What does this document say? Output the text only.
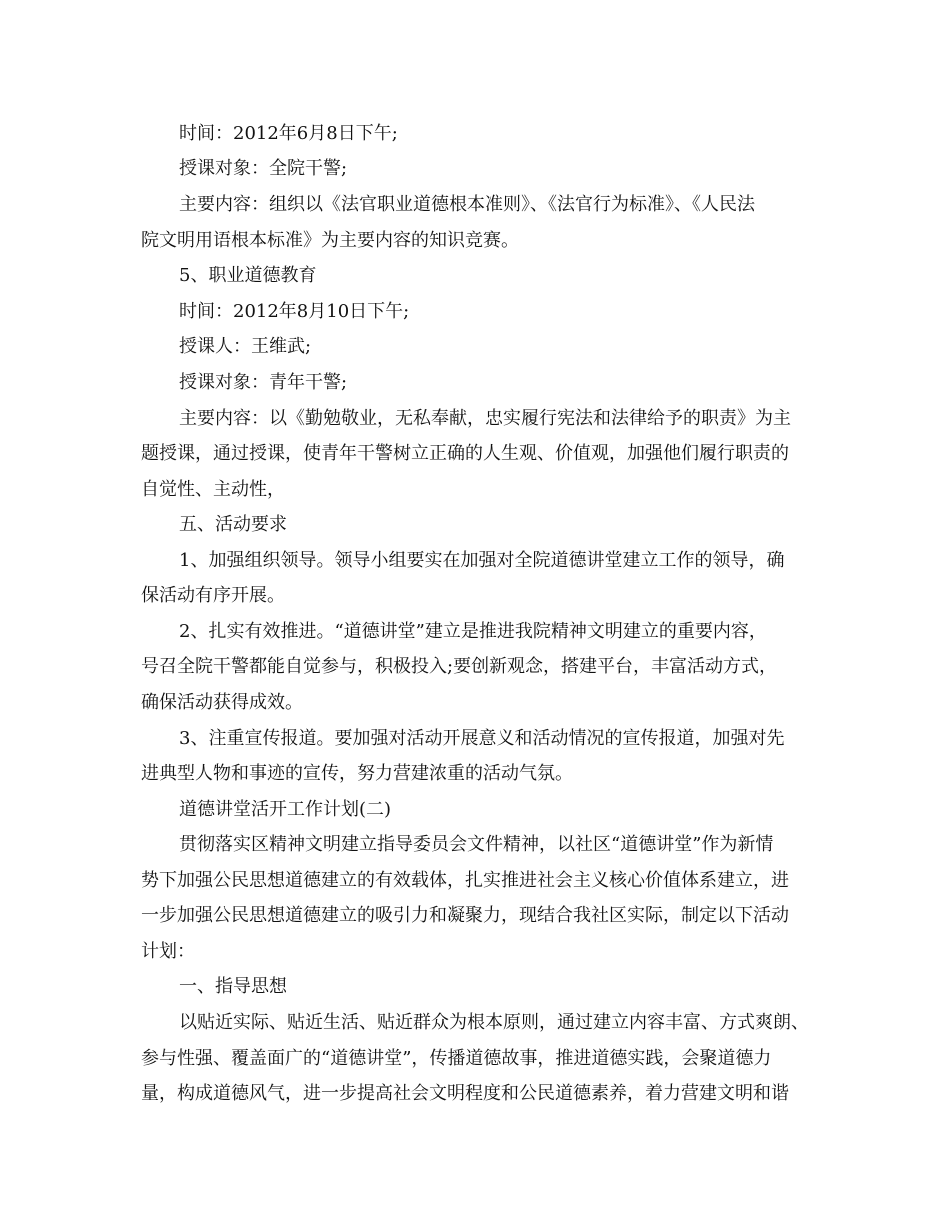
时间：2012年6月8日下午;
授课对象：全院干警;
主要内容：组织以《法官职业道德根本准则》、《法官行为标准》、《人民法
院文明用语根本标准》为主要内容的知识竞赛。
5、职业道德教育
时间：2012年8月10日下午;
授课人：王维武;
授课对象：青年干警;
主要内容：以《勤勉敬业，无私奉献，忠实履行宪法和法律给予的职责》为主
题授课，通过授课，使青年干警树立正确的人生观、价值观，加强他们履行职责的
自觉性、主动性，
五、活动要求
1、加强组织领导。领导小组要实在加强对全院道德讲堂建立工作的领导，确
保活动有序开展。
2、扎实有效推进。“道德讲堂”建立是推进我院精神文明建立的重要内容，
号召全院干警都能自觉参与，积极投入;要创新观念，搭建平台，丰富活动方式，
确保活动获得成效。
3、注重宣传报道。要加强对活动开展意义和活动情况的宣传报道，加强对先
进典型人物和事迹的宣传，努力营建浓重的活动气氛。
道德讲堂活开工作计划(二)
贯彻落实区精神文明建立指导委员会文件精神，以社区“道德讲堂”作为新情
势下加强公民思想道德建立的有效载体，扎实推进社会主义核心价值体系建立，进
一步加强公民思想道德建立的吸引力和凝聚力，现结合我社区实际，制定以下活动
计划：
一、指导思想
以贴近实际、贴近生活、贴近群众为根本原则，通过建立内容丰富、方式爽朗、
参与性强、覆盖面广的“道德讲堂”，传播道德故事，推进道德实践，会聚道德力
量，构成道德风气，进一步提高社会文明程度和公民道德素养，着力营建文明和谐
